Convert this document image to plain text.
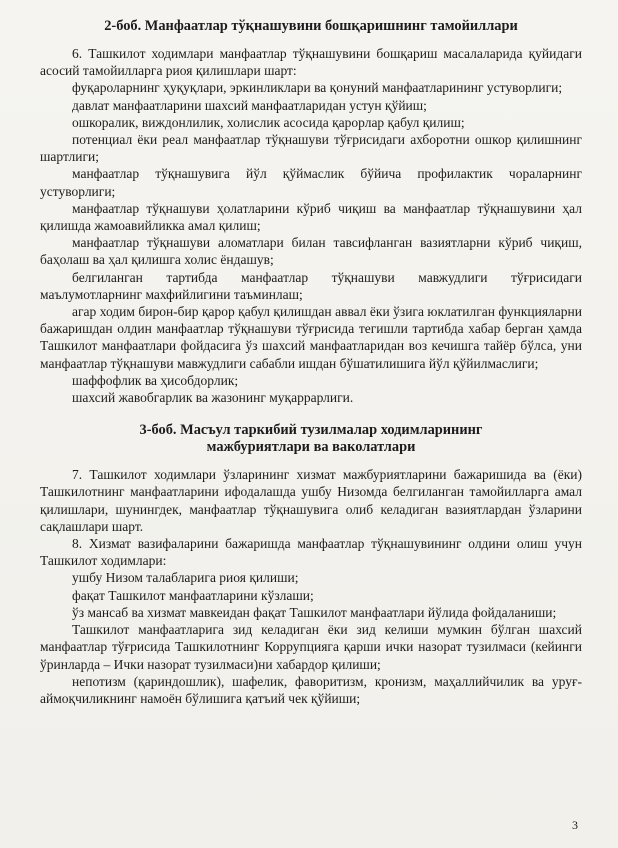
2-боб. Манфаатлар тўқнашувини бошқаришнинг тамойиллари

6. Ташкилот ходимлари манфаатлар тўқнашувини бошқариш масалаларида қуйидаги асосий тамойилларга риоя қилишлари шарт:

фуқароларнинг ҳуқуқлари, эркинликлари ва қонуний манфаатларининг устуворлиги;

давлат манфаатларини шахсий манфаатларидан устун қўйиш;

ошкоралик, виждонлилик, холислик асосида қарорлар қабул қилиш;

потенциал ёки реал манфаатлар тўқнашуви тўғрисидаги ахборотни ошкор қилишнинг шартлиги;

манфаатлар тўқнашувига йўл қўймаслик бўйича профилактик чораларнинг устуворлиги;

манфаатлар тўқнашуви ҳолатларини кўриб чиқиш ва манфаатлар тўқнашувини ҳал қилишда жамоавийликка амал қилиш;

манфаатлар тўқнашуви аломатлари билан тавсифланган вазиятларни кўриб чиқиш, баҳолаш ва ҳал қилишга холис ёндашув;

белгиланган тартибда манфаатлар тўқнашуви мавжудлиги тўғрисидаги маълумотларнинг махфийлигини таъминлаш;

агар ходим бирон-бир қарор қабул қилишдан аввал ёки ўзига юклатилган функцияларни бажаришдан олдин манфаатлар тўқнашуви тўғрисида тегишли тартибда хабар берган ҳамда Ташкилот манфаатлари фойдасига ўз шахсий манфаатларидан воз кечишга тайёр бўлса, уни манфаатлар тўқнашуви мавжудлиги сабабли ишдан бўшатилишига йўл қўйилмаслиги;

шаффофлик ва ҳисобдорлик;

шахсий жавобгарлик ва жазонинг муқаррарлиги.

3-боб. Масъул таркибий тузилмалар ходимларининг
мажбуриятлари ва ваколатлари

7. Ташкилот ходимлари ўзларининг хизмат мажбуриятларини бажаришида ва (ёки) Ташкилотнинг манфаатларини ифодалашда ушбу Низомда белгиланган тамойилларга амал қилишлари, шунингдек, манфаатлар тўқнашувига олиб келадиган вазиятлардан ўзларини сақлашлари шарт.

8. Хизмат вазифаларини бажаришда манфаатлар тўқнашувининг олдини олиш учун Ташкилот ходимлари:

ушбу Низом талабларига риоя қилиши;

фақат Ташкилот манфаатларини кўзлаши;

ўз мансаб ва хизмат мавкеидан фақат Ташкилот манфаатлари йўлида фойдаланиши;

Ташкилот манфаатларига зид келадиган ёки зид келиши мумкин бўлган шахсий манфаатлар тўғрисида Ташкилотнинг Коррупцияга қарши ички назорат тузилмаси (кейинги ўринларда – Ички назорат тузилмаси)ни хабардор қилиши;

непотизм (қариндошлик), шафелик, фаворитизм, кронизм, маҳаллийчилик ва уруғ-аймоқчиликнинг намоён бўлишига қатъий чек қўйиши;

3
